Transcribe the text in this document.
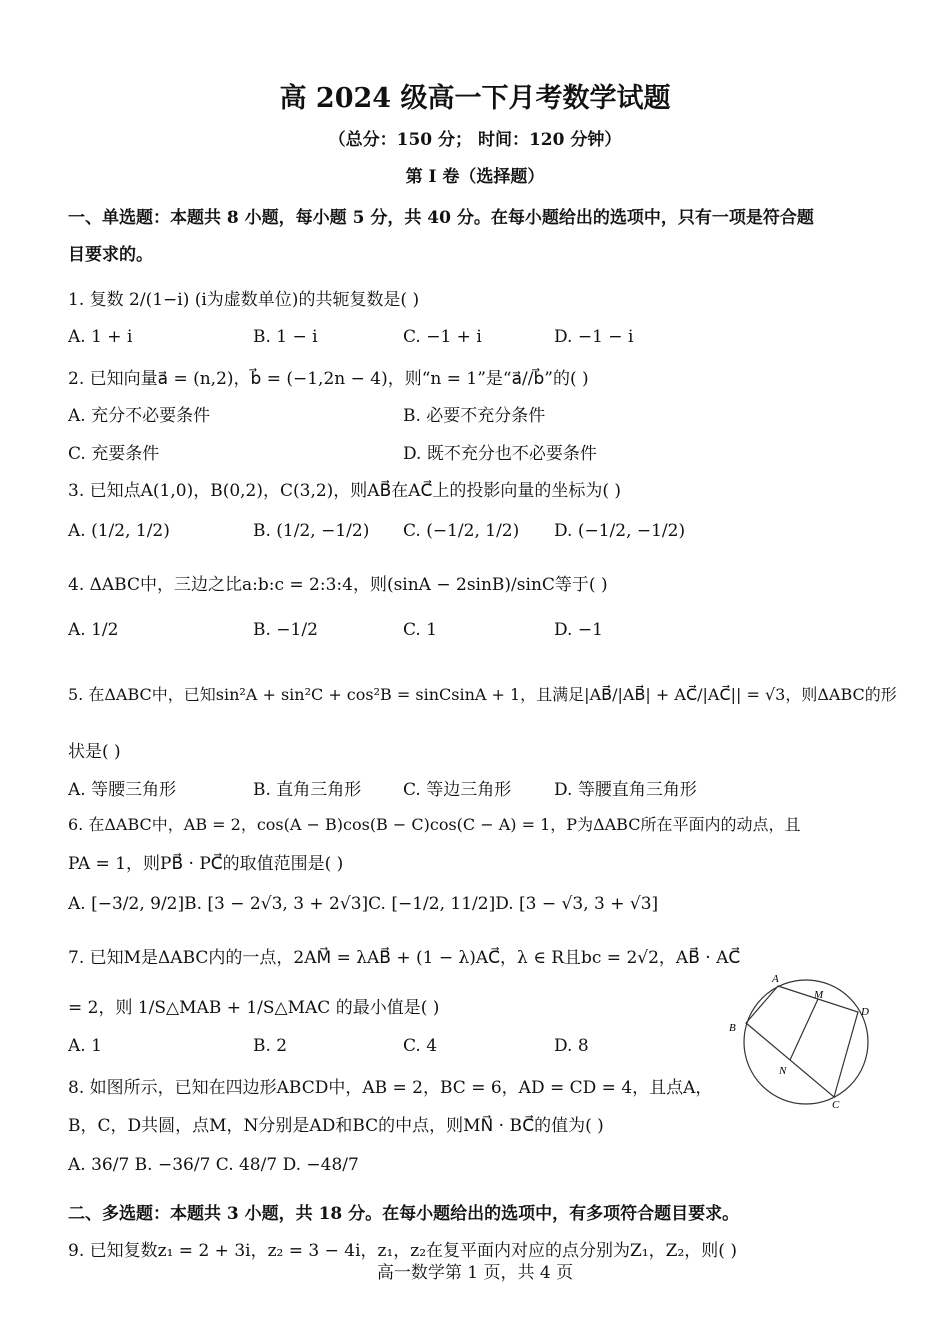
高 2024 级高一下月考数学试题
（总分：150 分； 时间：120 分钟）
第 I 卷（选择题）
一、单选题：本题共 8 小题，每小题 5 分，共 40 分。在每小题给出的选项中，只有一项是符合题
目要求的。
1. 复数 2/(1−i) (i为虚数单位)的共轭复数是( )
A. 1 + i	B. 1 − i	C. −1 + i	D. −1 − i
2. 已知向量a⃗ = (n,2)，b⃗ = (−1,2n − 4)，则“n = 1”是“a⃗//b⃗”的( )
A. 充分不必要条件	B. 必要不充分条件
C. 充要条件	D. 既不充分也不必要条件
3. 已知点A(1,0)，B(0,2)，C(3,2)，则AB⃗在AC⃗上的投影向量的坐标为( )
A. (1/2, 1/2)	B. (1/2, −1/2) C. (−1/2, 1/2) D. (−1/2, −1/2)
4. ΔABC中，三边之比a:b:c = 2:3:4，则(sinA − 2sinB)/sinC等于( )
A. 1/2	B. −1/2	C. 1	D. −1
5. 在ΔABC中，已知sin²A + sin²C + cos²B = sinCsinA + 1，且满足|AB⃗/|AB⃗| + AC⃗/|AC⃗|| = √3，则ΔABC的形
状是( )
A. 等腰三角形	B. 直角三角形 C. 等边三角形	D. 等腰直角三角形
6. 在ΔABC中，AB = 2，cos(A − B)cos(B − C)cos(C − A) = 1，P为ΔABC所在平面内的动点，且
PA = 1，则PB⃗ · PC⃗的取值范围是( )
A. [−3/2, 9/2]B. [3 − 2√3, 3 + 2√3]C. [−1/2, 11/2]D. [3 − √3, 3 + √3]
7. 已知M是ΔABC内的一点，2AM⃗ = λAB⃗ + (1 − λ)AC⃗，λ ∈ R且bc = 2√2，AB⃗ · AC⃗
= 2，则 1/S△MAB + 1/S△MAC 的最小值是( )
A. 1	B. 2	C. 4	D. 8
8. 如图所示，已知在四边形ABCD中，AB = 2，BC = 6，AD = CD = 4，且点A，
B，C，D共圆，点M，N分别是AD和BC的中点，则MN⃗ · BC⃗的值为( )
A. 36/7 B. −36/7 C. 48/7 D. −48/7
A
B
C
D
M
N
二、多选题：本题共 3 小题，共 18 分。在每小题给出的选项中，有多项符合题目要求。
9. 已知复数z₁ = 2 + 3i，z₂ = 3 − 4i，z₁，z₂在复平面内对应的点分别为Z₁，Z₂，则( )
高一数学第 1 页，共 4 页
